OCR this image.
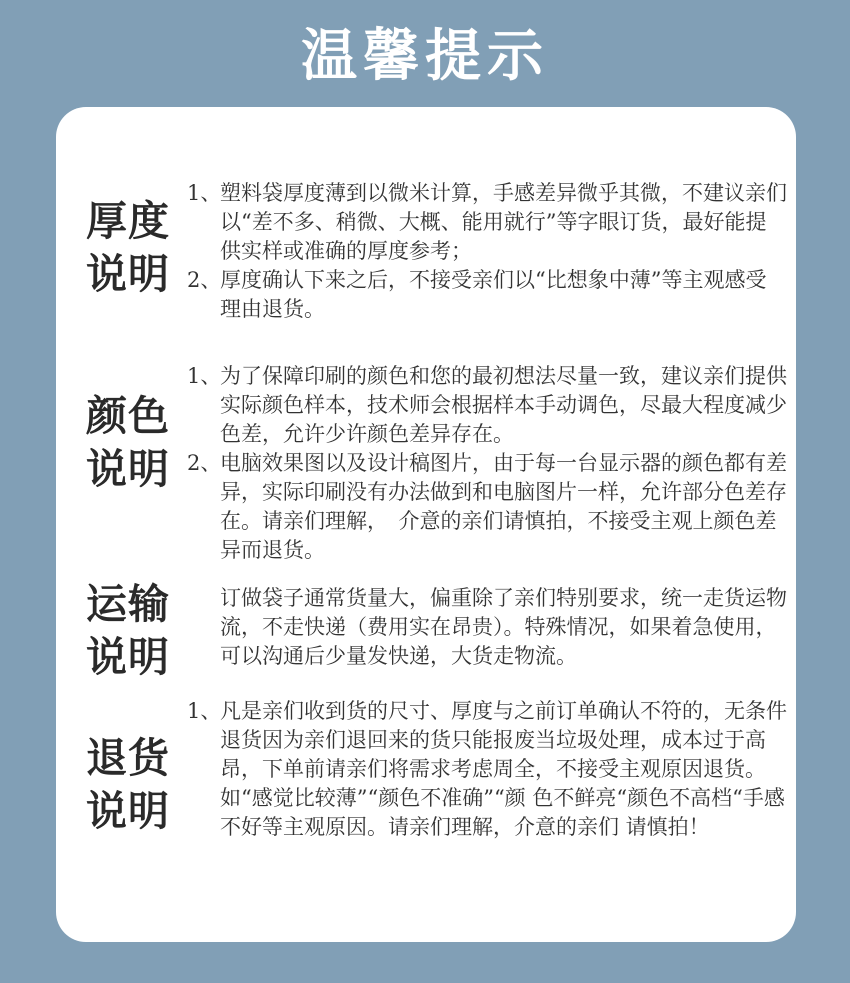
温馨提示
厚度
说明
1、
塑料袋厚度薄到以微米计算，手感差异微乎其微，不建议亲们以“差不多、稍微、大概、能用就行”等字眼订货，最好能提供实样或准确的厚度参考；
2、
厚度确认下来之后，不接受亲们以“比想象中薄”等主观感受理由退货。
颜色
说明
1、
为了保障印刷的颜色和您的最初想法尽量一致，建议亲们提供实际颜色样本，技术师会根据样本手动调色，尽最大程度减少色差，允许少许颜色差异存在。
2、
电脑效果图以及设计稿图片，由于每一台显示器的颜色都有差异，实际印刷没有办法做到和电脑图片一样，允许部分色差存在。请亲们理解，　介意的亲们请慎拍，不接受主观上颜色差异而退货。
运输
说明
订做袋子通常货量大，偏重除了亲们特别要求，统一走货运物流，不走快递（费用实在昂贵）。特殊情况，如果着急使用，可以沟通后少量发快递，大货走物流。
退货
说明
1、
凡是亲们收到货的尺寸、厚度与之前订单确认不符的，无条件退货因为亲们退回来的货只能报废当垃圾处理，成本过于高昂，下单前请亲们将需求考虑周全，不接受主观原因退货。如“感觉比较薄”“颜色不准确”“颜 色不鲜亮“颜色不高档“手感不好等主观原因。请亲们理解，介意的亲们 请慎拍！
